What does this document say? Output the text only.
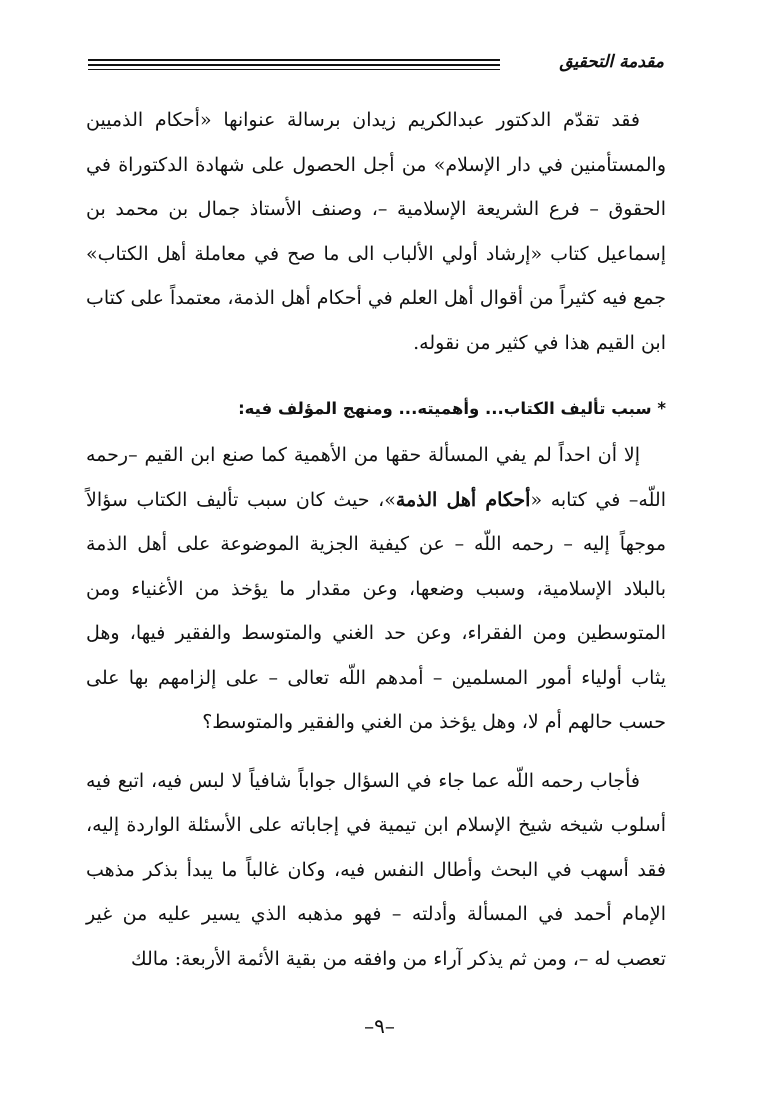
مقدمة التحقيق

فقد تقدّم الدكتور عبدالكريم زيدان برسالة عنوانها «أحكام الذميين والمستأمنين في دار الإسلام» من أجل الحصول على شهادة الدكتوراة في الحقوق – فرع الشريعة الإسلامية –، وصنف الأستاذ جمال بن محمد بن إسماعيل كتاب «إرشاد أولي الألباب الى ما صح في معاملة أهل الكتاب» جمع فيه كثيراً من أقوال أهل العلم في أحكام أهل الذمة، معتمداً على كتاب ابن القيم هذا في كثير من نقوله.

* سبب تأليف الكتاب... وأهميته... ومنهج المؤلف فيه:

إلا أن احداً لم يفي المسألة حقها من الأهمية كما صنع ابن القيم –رحمه اللّه– في كتابه «أحكام أهل الذمة»، حيث كان سبب تأليف الكتاب سؤالاً موجهاً إليه – رحمه اللّه – عن كيفية الجزية الموضوعة على أهل الذمة بالبلاد الإسلامية، وسبب وضعها، وعن مقدار ما يؤخذ من الأغنياء ومن المتوسطين ومن الفقراء، وعن حد الغني والمتوسط والفقير فيها، وهل يثاب أولياء أمور المسلمين – أمدهم اللّه تعالى – على إلزامهم بها على حسب حالهم أم لا، وهل يؤخذ من الغني والفقير والمتوسط؟

فأجاب رحمه اللّه عما جاء في السؤال جواباً شافياً لا لبس فيه، اتبع فيه أسلوب شيخه شيخ الإسلام ابن تيمية في إجاباته على الأسئلة الواردة إليه، فقد أسهب في البحث وأطال النفس فيه، وكان غالباً ما يبدأ بذكر مذهب الإمام أحمد في المسألة وأدلته – فهو مذهبه الذي يسير عليه من غير تعصب له –، ومن ثم يذكر آراء من وافقه من بقية الأئمة الأربعة: مالك

–٩–
